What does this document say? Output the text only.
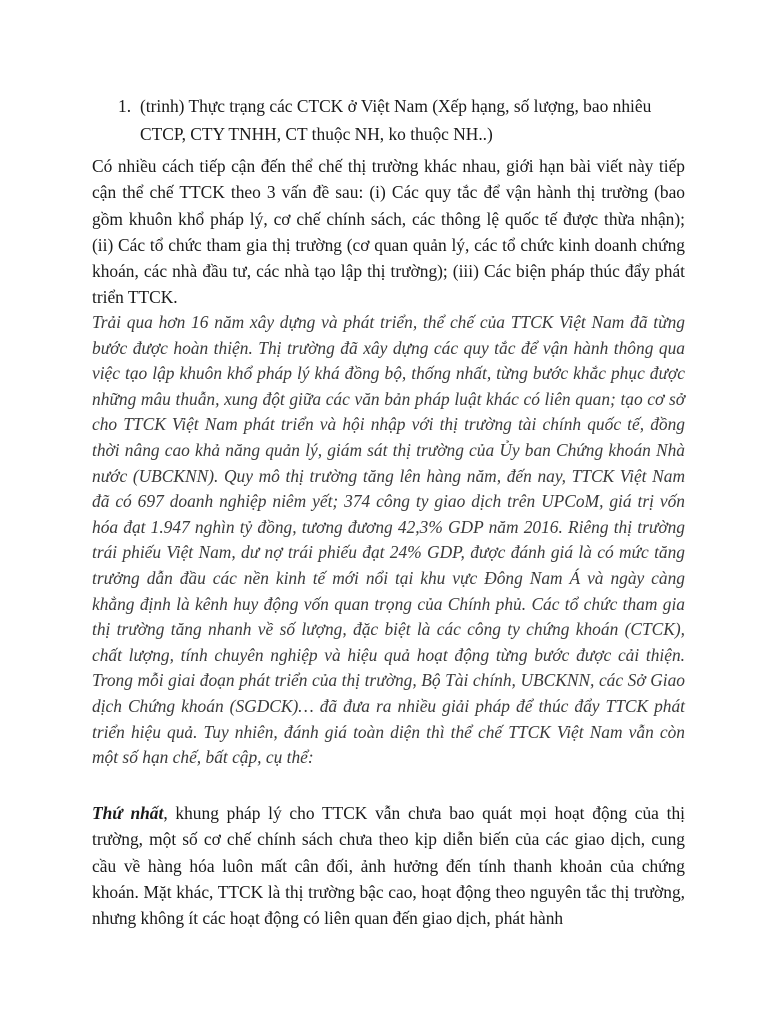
1. (trinh) Thực trạng các CTCK ở Việt Nam (Xếp hạng, số lượng, bao nhiêu CTCP, CTY TNHH, CT thuộc NH, ko thuộc NH..)

Có nhiều cách tiếp cận đến thể chế thị trường khác nhau, giới hạn bài viết này tiếp cận thể chế TTCK theo 3 vấn đề sau: (i) Các quy tắc để vận hành thị trường (bao gồm khuôn khổ pháp lý, cơ chế chính sách, các thông lệ quốc tế được thừa nhận); (ii) Các tổ chức tham gia thị trường (cơ quan quản lý, các tổ chức kinh doanh chứng khoán, các nhà đầu tư, các nhà tạo lập thị trường); (iii) Các biện pháp thúc đẩy phát triển TTCK.

Trải qua hơn 16 năm xây dựng và phát triển, thể chế của TTCK Việt Nam đã từng bước được hoàn thiện. Thị trường đã xây dựng các quy tắc để vận hành thông qua việc tạo lập khuôn khổ pháp lý khá đồng bộ, thống nhất, từng bước khắc phục được những mâu thuẫn, xung đột giữa các văn bản pháp luật khác có liên quan; tạo cơ sở cho TTCK Việt Nam phát triển và hội nhập với thị trường tài chính quốc tế, đồng thời nâng cao khả năng quản lý, giám sát thị trường của Ủy ban Chứng khoán Nhà nước (UBCKNN). Quy mô thị trường tăng lên hàng năm, đến nay, TTCK Việt Nam đã có 697 doanh nghiệp niêm yết; 374 công ty giao dịch trên UPCoM, giá trị vốn hóa đạt 1.947 nghìn tỷ đồng, tương đương 42,3% GDP năm 2016. Riêng thị trường trái phiếu Việt Nam, dư nợ trái phiếu đạt 24% GDP, được đánh giá là có mức tăng trưởng dẫn đầu các nền kinh tế mới nổi tại khu vực Đông Nam Á và ngày càng khẳng định là kênh huy động vốn quan trọng của Chính phủ. Các tổ chức tham gia thị trường tăng nhanh về số lượng, đặc biệt là các công ty chứng khoán (CTCK), chất lượng, tính chuyên nghiệp và hiệu quả hoạt động từng bước được cải thiện. Trong mỗi giai đoạn phát triển của thị trường, Bộ Tài chính, UBCKNN, các Sở Giao dịch Chứng khoán (SGDCK)… đã đưa ra nhiều giải pháp để thúc đẩy TTCK phát triển hiệu quả. Tuy nhiên, đánh giá toàn diện thì thể chế TTCK Việt Nam vẫn còn một số hạn chế, bất cập, cụ thể:

Thứ nhất, khung pháp lý cho TTCK vẫn chưa bao quát mọi hoạt động của thị trường, một số cơ chế chính sách chưa theo kịp diễn biến của các giao dịch, cung cầu về hàng hóa luôn mất cân đối, ảnh hưởng đến tính thanh khoản của chứng khoán. Mặt khác, TTCK là thị trường bậc cao, hoạt động theo nguyên tắc thị trường, nhưng không ít các hoạt động có liên quan đến giao dịch, phát hành
